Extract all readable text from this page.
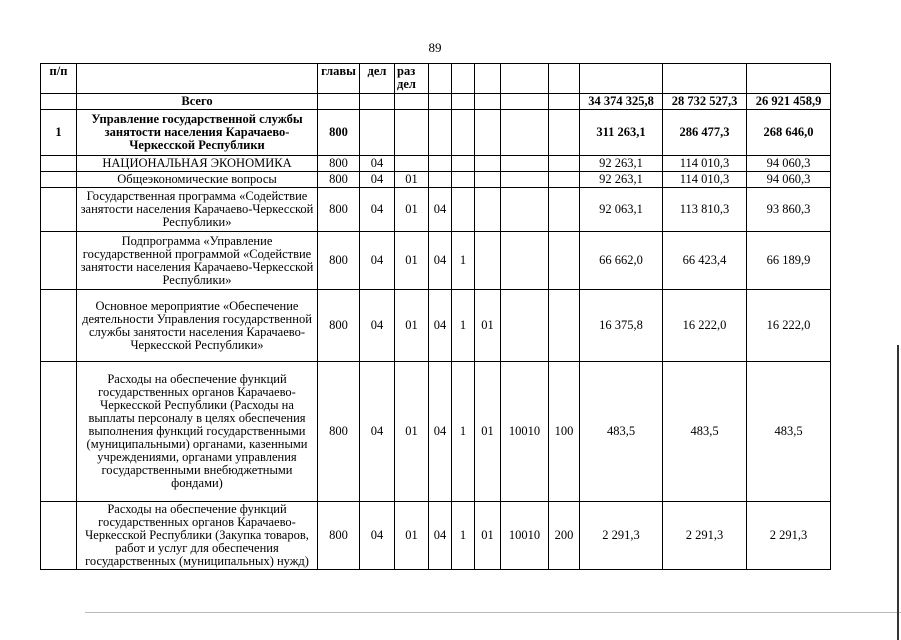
89
п/п		главы	дел	раз дел								
	Всего									34 374 325,8	28 732 527,3	26 921 458,9
1	Управление государственной службы занятости населения Карачаево-Черкесской Республики	800								311 263,1	286 477,3	268 646,0
	НАЦИОНАЛЬНАЯ ЭКОНОМИКА	800	04							92 263,1	114 010,3	94 060,3
	Общеэкономические вопросы	800	04	01						92 263,1	114 010,3	94 060,3
	Государственная программа «Содействие занятости населения Карачаево-Черкесской Республики»	800	04	01	04					92 063,1	113 810,3	93 860,3
	Подпрограмма «Управление государственной программой «Содействие занятости населения Карачаево-Черкесской Республики»	800	04	01	04	1				66 662,0	66 423,4	66 189,9
	Основное мероприятие «Обеспечение деятельности Управления государственной службы занятости населения Карачаево-Черкесской Республики»	800	04	01	04	1	01			16 375,8	16 222,0	16 222,0
	Расходы на обеспечение функций государственных органов Карачаево-Черкесской Республики (Расходы на выплаты персоналу в целях обеспечения выполнения функций государственными (муниципальными) органами, казенными учреждениями, органами управления государственными внебюджетными фондами)	800	04	01	04	1	01	10010	100	483,5	483,5	483,5
	Расходы на обеспечение функций государственных органов Карачаево-Черкесской Республики (Закупка товаров, работ и услуг для обеспечения государственных (муниципальных) нужд)	800	04	01	04	1	01	10010	200	2 291,3	2 291,3	2 291,3
